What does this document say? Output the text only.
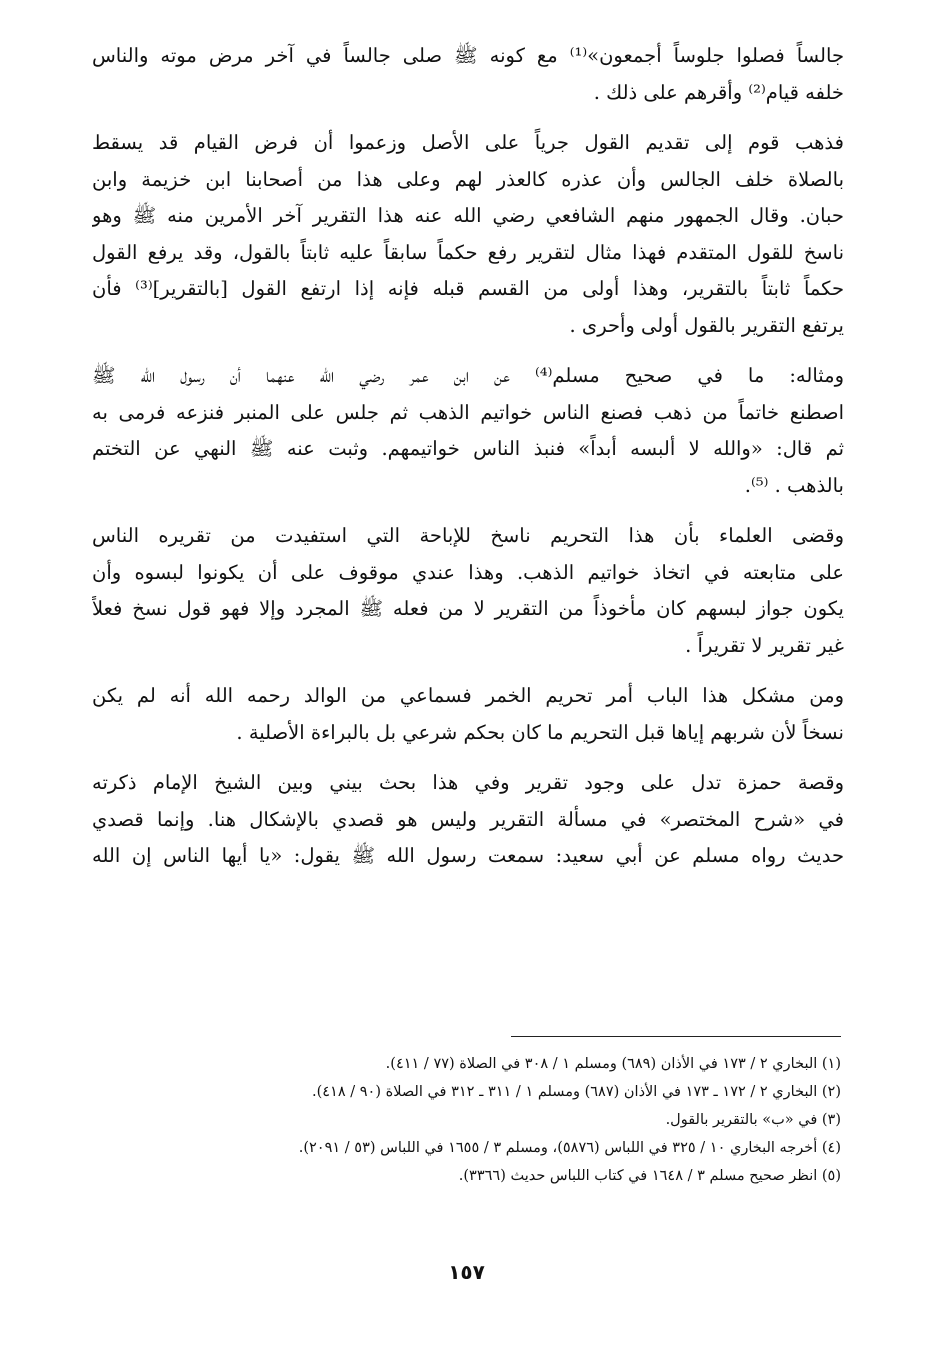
جالساً فصلوا جلوساً أجمعون»⁽¹⁾ مع كونه ﷺ صلى جالساً في آخر مرض موته والناس
خلفه قيام⁽²⁾ وأقرهم على ذلك .
فذهب قوم إلى تقديم القول جرياً على الأصل وزعموا أن فرض القيام قد يسقط
بالصلاة خلف الجالس وأن عذره كالعذر لهم وعلى هذا من أصحابنا ابن خزيمة وابن
حبان. وقال الجمهور منهم الشافعي رضي الله عنه هذا التقرير آخر الأمرين منه ﷺ وهو
ناسخ للقول المتقدم فهذا مثال لتقرير رفع حكماً سابقاً عليه ثابتاً بالقول، وقد يرفع القول
حكماً ثابتاً بالتقرير، وهذا أولى من القسم قبله فإنه إذا ارتفع القول [بالتقرير]⁽³⁾ فأن
يرتفع التقرير بالقول أولى وأحرى .
ومثاله: ما في صحيح مسلم⁽⁴⁾ عن ابن عمر رضي الله عنهما أن رسول الله ﷺ
اصطنع خاتماً من ذهب فصنع الناس خواتيم الذهب ثم جلس على المنبر فنزعه فرمى به
ثم قال: «والله لا ألبسه أبداً» فنبذ الناس خواتيمهم. وثبت عنه ﷺ النهي عن التختم
بالذهب . ⁽⁵⁾.
وقضى العلماء بأن هذا التحريم ناسخ للإباحة التي استفيدت من تقريره الناس
على متابعته في اتخاذ خواتيم الذهب. وهذا عندي موقوف على أن يكونوا لبسوه وأن
يكون جواز لبسهم كان مأخوذاً من التقرير لا من فعله ﷺ المجرد وإلا فهو قول نسخ فعلاً
غير تقرير لا تقريراً .
ومن مشكل هذا الباب أمر تحريم الخمر فسماعي من الوالد رحمه الله أنه لم يكن
نسخاً لأن شربهم إياها قبل التحريم ما كان بحكم شرعي بل بالبراءة الأصلية .
وقصة حمزة تدل على وجود تقرير وفي هذا بحث بيني وبين الشيخ الإمام ذكرته
في «شرح المختصر» في مسألة التقرير وليس هو قصدي بالإشكال هنا. وإنما قصدي
حديث رواه مسلم عن أبي سعيد: سمعت رسول الله ﷺ يقول: «يا أيها الناس إن الله

(١) البخاري ٢ / ١٧٣ في الأذان (٦٨٩) ومسلم ١ / ٣٠٨ في الصلاة (٧٧ / ٤١١).

(٢) البخاري ٢ / ١٧٢ ـ ١٧٣ في الأذان (٦٨٧) ومسلم ١ / ٣١١ ـ ٣١٢ في الصلاة (٩٠ / ٤١٨).

(٣) في «ب» بالتقرير بالقول.

(٤) أخرجه البخاري ١٠ / ٣٢٥ في اللباس (٥٨٧٦)، ومسلم ٣ / ١٦٥٥ في اللباس (٥٣ / ٢٠٩١).

(٥) انظر صحيح مسلم ٣ / ١٦٤٨ في كتاب اللباس حديث (٣٣٦٦).

١٥٧
